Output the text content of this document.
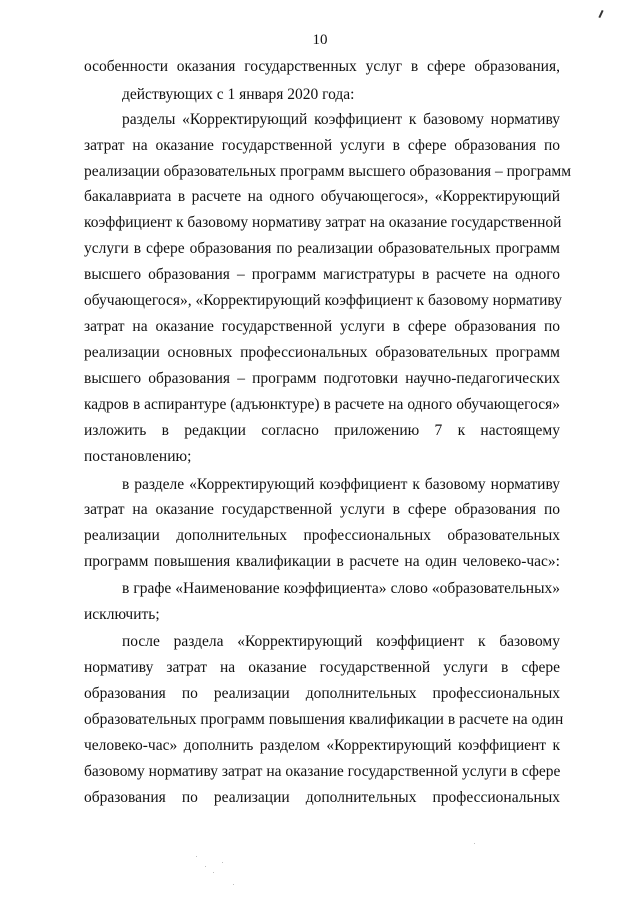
10
особенности оказания государственных услуг в сфере образования,
действующих с 1 января 2020 года:
разделы «Корректирующий коэффициент к базовому нормативу
затрат на оказание государственной услуги в сфере образования по
реализации образовательных программ высшего образования – программ
бакалавриата в расчете на одного обучающегося», «Корректирующий
коэффициент к базовому нормативу затрат на оказание государственной
услуги в сфере образования по реализации образовательных программ
высшего образования – программ магистратуры в расчете на одного
обучающегося», «Корректирующий коэффициент к базовому нормативу
затрат на оказание государственной услуги в сфере образования по
реализации основных профессиональных образовательных программ
высшего образования – программ подготовки научно-педагогических
кадров в аспирантуре (адъюнктуре) в расчете на одного обучающегося»
изложить в редакции согласно приложению 7 к настоящему
постановлению;
в разделе «Корректирующий коэффициент к базовому нормативу
затрат на оказание государственной услуги в сфере образования по
реализации дополнительных профессиональных образовательных
программ повышения квалификации в расчете на один человеко-час»:
в графе «Наименование коэффициента» слово «образовательных»
исключить;
после раздела «Корректирующий коэффициент к базовому
нормативу затрат на оказание государственной услуги в сфере
образования по реализации дополнительных профессиональных
образовательных программ повышения квалификации в расчете на один
человеко-час» дополнить разделом «Корректирующий коэффициент к
базовому нормативу затрат на оказание государственной услуги в сфере
образования по реализации дополнительных профессиональных
